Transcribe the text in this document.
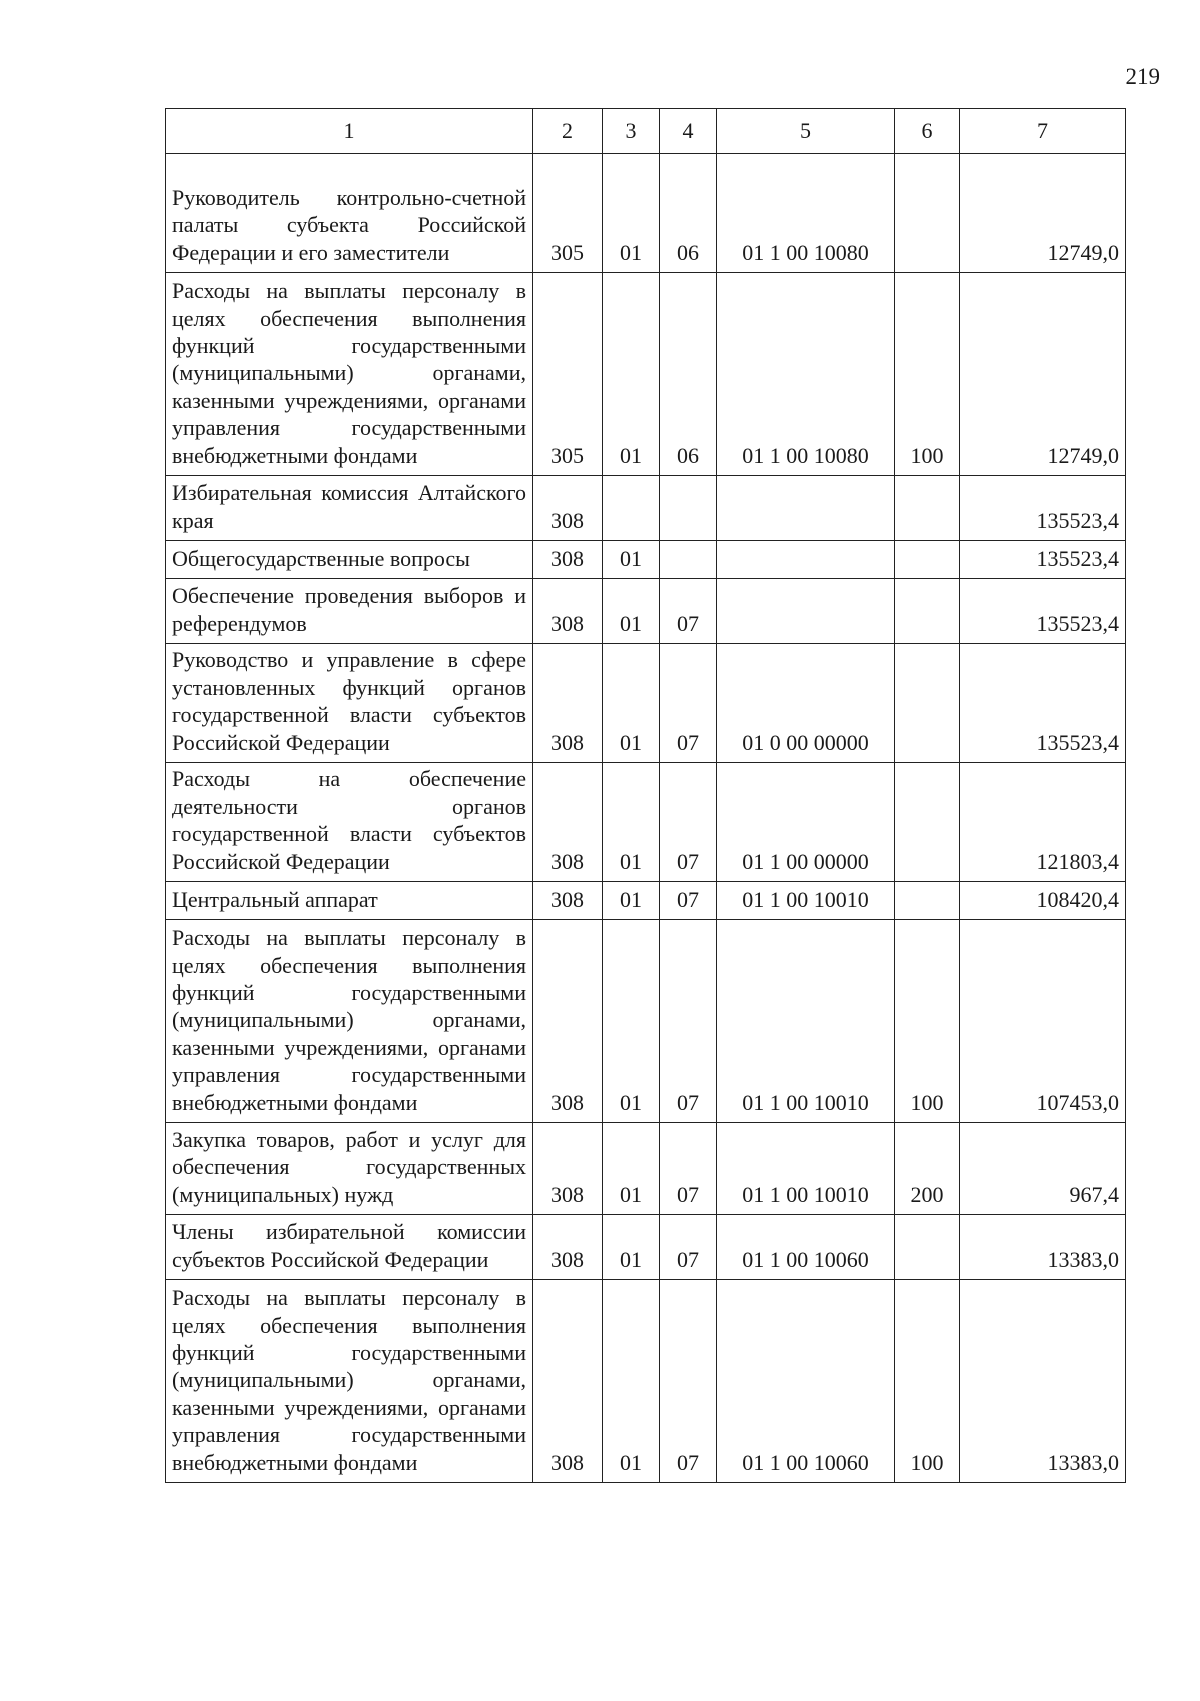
219
1	2	3	4	5	6	7
Руководитель контрольно-счетной палаты субъекта Российской Федерации и его заместители	305	01	06	01 1 00 10080		12749,0
Расходы на выплаты персоналу в целях обеспечения выполнения функций государственными (муниципальными) органами, казенными учреждениями, органами управления государственными внебюджетными фондами	305	01	06	01 1 00 10080	100	12749,0
Избирательная комиссия Алтайского края	308					135523,4
Общегосударственные вопросы	308	01				135523,4
Обеспечение проведения выборов и референдумов	308	01	07			135523,4
Руководство и управление в сфере установленных функций органов государственной власти субъектов Российской Федерации	308	01	07	01 0 00 00000		135523,4
Расходы на обеспечение деятельности органов государственной власти субъектов Российской Федерации	308	01	07	01 1 00 00000		121803,4
Центральный аппарат	308	01	07	01 1 00 10010		108420,4
Расходы на выплаты персоналу в целях обеспечения выполнения функций государственными (муниципальными) органами, казенными учреждениями, органами управления государственными внебюджетными фондами	308	01	07	01 1 00 10010	100	107453,0
Закупка товаров, работ и услуг для обеспечения государственных (муниципальных) нужд	308	01	07	01 1 00 10010	200	967,4
Члены избирательной комиссии субъектов Российской Федерации	308	01	07	01 1 00 10060		13383,0
Расходы на выплаты персоналу в целях обеспечения выполнения функций государственными (муниципальными) органами, казенными учреждениями, органами управления государственными внебюджетными фондами	308	01	07	01 1 00 10060	100	13383,0
